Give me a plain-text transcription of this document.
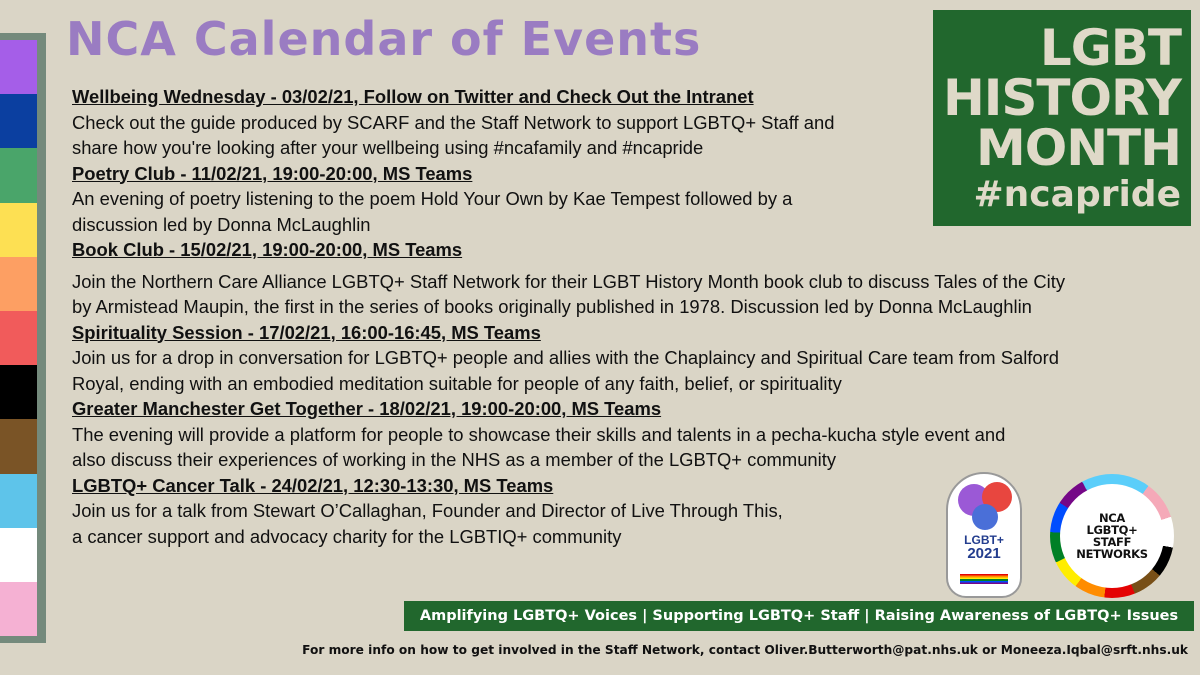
NCA Calendar of Events	LGBT
HISTORY
MONTH
#ncapride
Wellbeing Wednesday - 03/02/21, Follow on Twitter and Check Out the Intranet
Check out the guide produced by SCARF and the Staff Network to support LGBTQ+ Staff and
share how you're looking after your wellbeing using #ncafamily and #ncapride
Poetry Club - 11/02/21, 19:00-20:00, MS Teams
An evening of poetry listening to the poem Hold Your Own by Kae Tempest followed by a
discussion led by Donna McLaughlin
Book Club - 15/02/21, 19:00-20:00, MS Teams
Join the Northern Care Alliance LGBTQ+ Staff Network for their LGBT History Month book club to discuss Tales of the City
by Armistead Maupin, the first in the series of books originally published in 1978. Discussion led by Donna McLaughlin
Spirituality Session - 17/02/21, 16:00-16:45, MS Teams
Join us for a drop in conversation for LGBTQ+ people and allies with the Chaplaincy and Spiritual Care team from Salford
Royal, ending with an embodied meditation suitable for people of any faith, belief, or spirituality
Greater Manchester Get Together - 18/02/21, 19:00-20:00, MS Teams
The evening will provide a platform for people to showcase their skills and talents in a pecha-kucha style event and
also discuss their experiences of working in the NHS as a member of the LGBTQ+ community
LGBTQ+ Cancer Talk - 24/02/21, 12:30-13:30, MS Teams
Join us for a talk from Stewart O’Callaghan, Founder and Director of Live Through This,
a cancer support and advocacy charity for the LGBTIQ+ community	LGBT+
2021
NCA
LGBTQ+
STAFF
NETWORKS
Amplifying LGBTQ+ Voices | Supporting LGBTQ+ Staff | Raising Awareness of LGBTQ+ Issues
For more info on how to get involved in the Staff Network, contact Oliver.Butterworth@pat.nhs.uk or Moneeza.Iqbal@srft.nhs.uk
